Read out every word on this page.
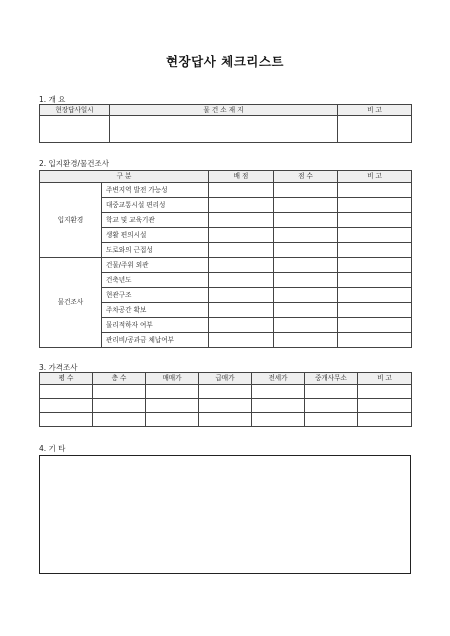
현장답사 체크리스트
1. 개 요
현장답사일시	물 건 소 재 지	비 고

2. 입지환경/물건조사
구 분		배 점	점 수	비 고
입지환경	주변지역 발전 가능성			
	대중교통시설 편리성			
	학교 및 교육기관			
	생활 편의시설			
	도로와의 근접성			
물건조사	건물/주위 외관			
	건축년도			
	현관구조			
	주차공간 확보			
	물리적하자 여부			
	관리비/공과금 체납여부			
3. 가격조사
평 수	층 수	매매가	급매가	전세가	중개사무소	비 고

4. 기 타
